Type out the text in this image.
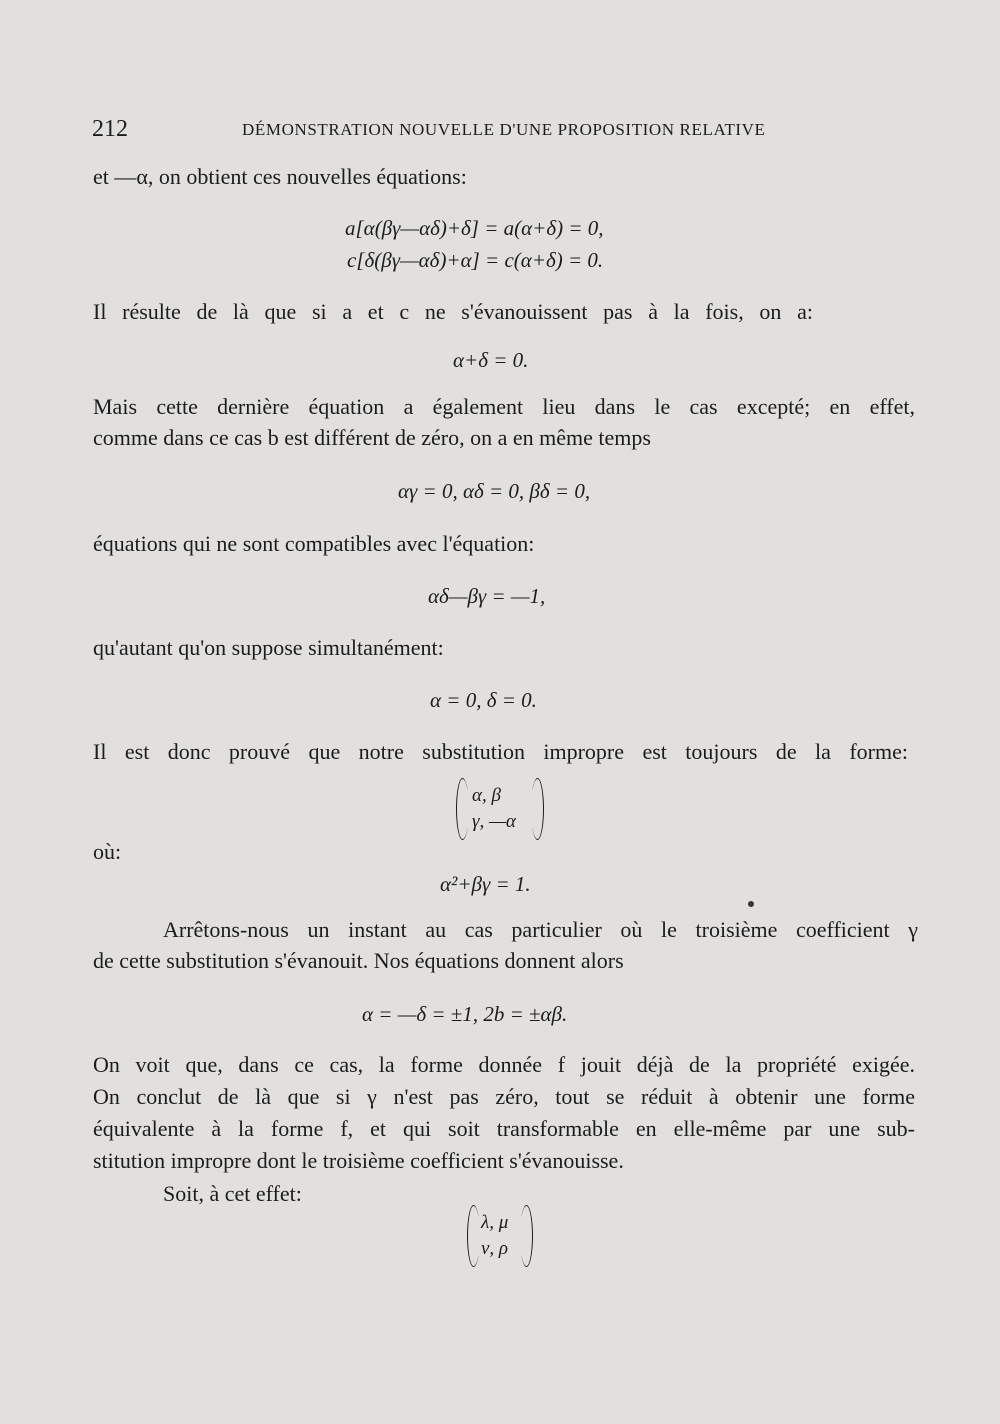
212	DÉMONSTRATION NOUVELLE D'UNE PROPOSITION RELATIVE
et —α, on obtient ces nouvelles équations:
a[α(βγ—αδ)+δ] = a(α+δ) = 0,
c[δ(βγ—αδ)+α] = c(α+δ) = 0.
Il résulte de là que si a et c ne s'évanouissent pas à la fois, on a:
α+δ = 0.
Mais cette dernière équation a également lieu dans le cas excepté; en effet,
comme dans ce cas b est différent de zéro, on a en même temps
αγ = 0, αδ = 0, βδ = 0,
équations qui ne sont compatibles avec l'équation:
αδ—βγ = —1,
qu'autant qu'on suppose simultanément:
α = 0, δ = 0.
Il est donc prouvé que notre substitution impropre est toujours de la forme:
α, β
γ, —α
où:
α²+βγ = 1.
Arrêtons-nous un instant au cas particulier où le troisième coefficient γ
de cette substitution s'évanouit. Nos équations donnent alors
α = —δ = ±1, 2b = ±αβ.
On voit que, dans ce cas, la forme donnée f jouit déjà de la propriété exigée.
On conclut de là que si γ n'est pas zéro, tout se réduit à obtenir une forme
équivalente à la forme f, et qui soit transformable en elle-même par une sub-
stitution impropre dont le troisième coefficient s'évanouisse.
Soit, à cet effet:
λ, μ
ν, ρ
